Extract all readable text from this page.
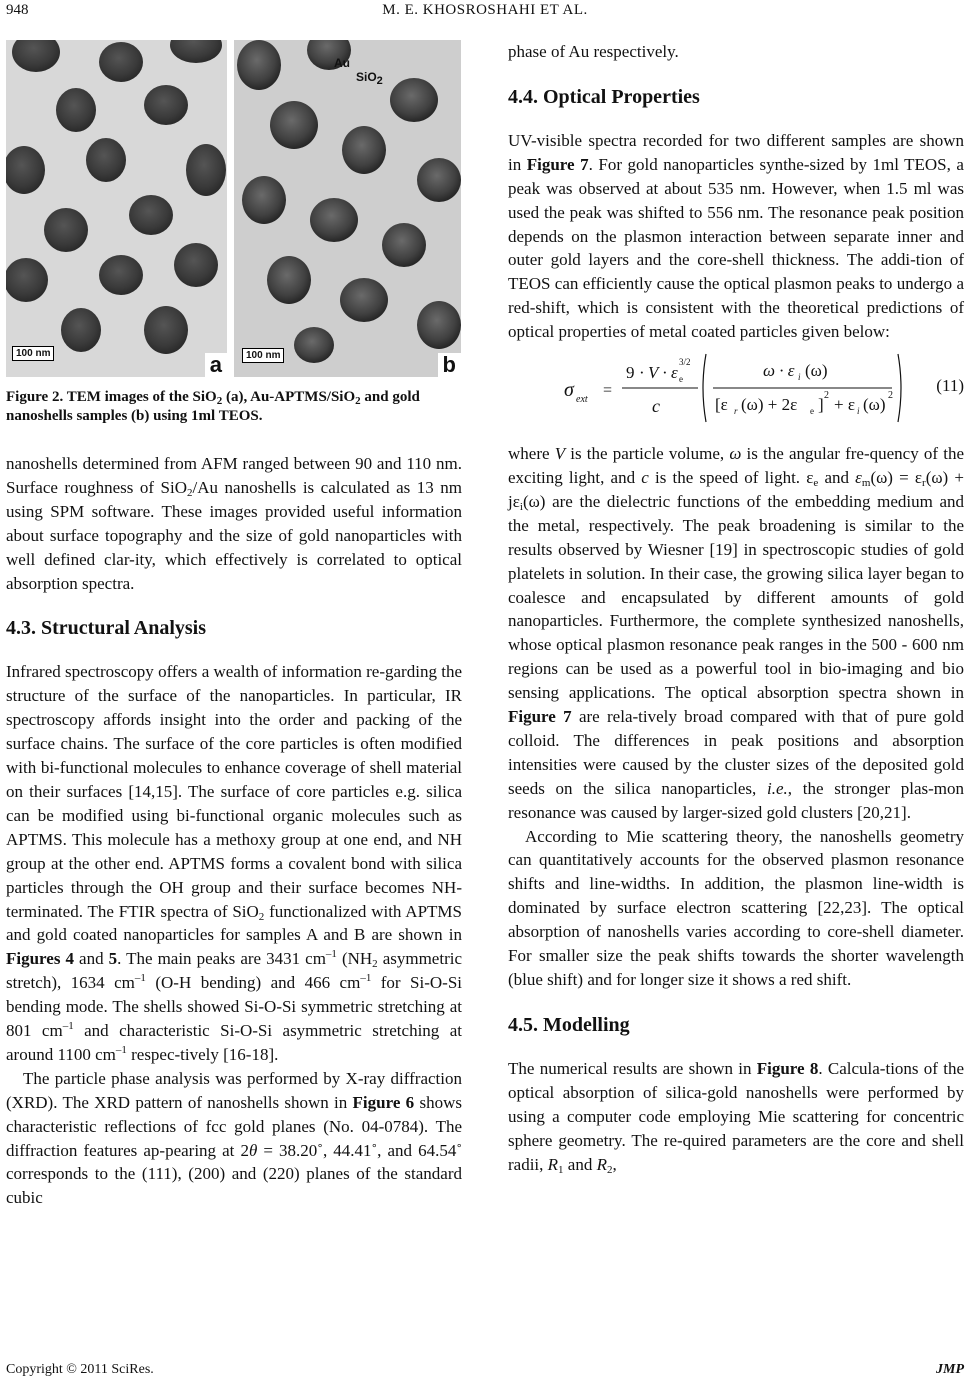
948	M. E. KHOSROSHAHI ET AL.
100 nm	a
Au
SiO2
100 nm	b
Figure 2. TEM images of the SiO$_2$ (a), Au-APTMS/SiO$_2$ and gold nanoshells samples (b) using 1ml TEOS.

nanoshells determined from AFM ranged between 90 and 110 nm. Surface roughness of SiO$_2$/Au nanoshells is calculated as 13 nm using SPM software. These images provided useful information about surface topography and the size of gold nanoparticles with well defined clar-ity, which effectively is correlated to optical absorption spectra.

4.3. Structural Analysis

Infrared spectroscopy offers a wealth of information re-garding the structure of the surface of the nanoparticles. In particular, IR spectroscopy affords insight into the order and packing of the surface chains. The surface of the core particles is often modified with bi-functional molecules to enhance coverage of shell material on their surfaces [14,15]. The surface of core particles e.g. silica can be modified using bi-functional organic molecules such as APTMS. This molecule has a methoxy group at one end, and NH group at the other end. APTMS forms a covalent bond with silica particles through the OH group and their surface becomes NH-terminated. The FTIR spectra of SiO$_2$ functionalized with APTMS and gold coated nanoparticles for samples A and B are shown in Figures 4 and 5. The main peaks are 3431 $cm^{-1}$ ($NH_2$ asymmetric stretch), 1634 $cm^{-1}$ (O-H bending) and 466 $cm^{-1}$ for Si-O-Si bending mode. The shells showed Si-O-Si symmetric stretching at 801 $cm^{-1}$ and characteristic Si-O-Si asymmetric stretching at around 1100 $cm^{-1}$ respec-tively [16-18].

The particle phase analysis was performed by X-ray diffraction (XRD). The XRD pattern of nanoshells shown in Figure 6 shows characteristic reflections of fcc gold planes (No. 04-0784). The diffraction features ap-pearing at 2θ = 38.20˚, 44.41˚, and 64.54˚ corresponds to the (111), (200) and (220) planes of the standard cubic

phase of Au respectively.

4.4. Optical Properties

UV-visible spectra recorded for two different samples are shown in Figure 7. For gold nanoparticles synthe-sized by 1ml TEOS, a peak was observed at about 535 nm. However, when 1.5 ml was used the peak was shifted to 556 nm. The resonance peak position depends on the plasmon interaction between separate inner and outer gold layers and the core-shell thickness. The addi-tion of TEOS can efficiently cause the optical plasmon peaks to undergo a red-shift, which is consistent with the theoretical predictions of optical properties of metal coated particles given below:

σ ext
=
9 · V · ε e
3/2
c
ω · ε i (ω)
[ε r (ω) + 2ε e ] 2 + ε i (ω) 2
(11)

where V is the particle volume, ω is the angular fre-quency of the exciting light, and c is the speed of light. $\varepsilon_e$ and $\varepsilon_m(\omega) = \varepsilon_r(\omega) + j\varepsilon_i(\omega)$ are the dielectric functions of the embedding medium and the metal, respectively. The peak broadening is similar to the results observed by Wiesner [19] in spectroscopic studies of gold platelets in solution. In their case, the growing silica layer began to coalesce and encapsulated by different amounts of gold nanoparticles. Furthermore, the complete synthesized nanoshells, whose optical plasmon resonance peak ranges in the 500 - 600 nm regions can be used as a powerful tool in bio-imaging and bio sensing applications. The optical absorption spectra shown in Figure 7 are rela-tively broad compared with that of pure gold colloid. The differences in peak positions and absorption intensities were caused by the cluster sizes of the deposited gold seeds on the silica nanoparticles, i.e., the stronger plas-mon resonance was caused by larger-sized gold clusters [20,21].

According to Mie scattering theory, the nanoshells geometry can quantitatively accounts for the observed plasmon resonance shifts and line-widths. In addition, the plasmon line-width is dominated by surface electron scattering [22,23]. The optical absorption of nanoshells varies according to core-shell diameter. For smaller size the peak shifts towards the shorter wavelength (blue shift) and for longer size it shows a red shift.

4.5. Modelling

The numerical results are shown in Figure 8. Calcula-tions of the optical absorption of silica-gold nanoshells were performed by using a computer code employing Mie scattering for concentric sphere geometry. The re-quired parameters are the core and shell radii, $R_1$ and $R_2$,

Copyright © 2011 SciRes.	JMP
